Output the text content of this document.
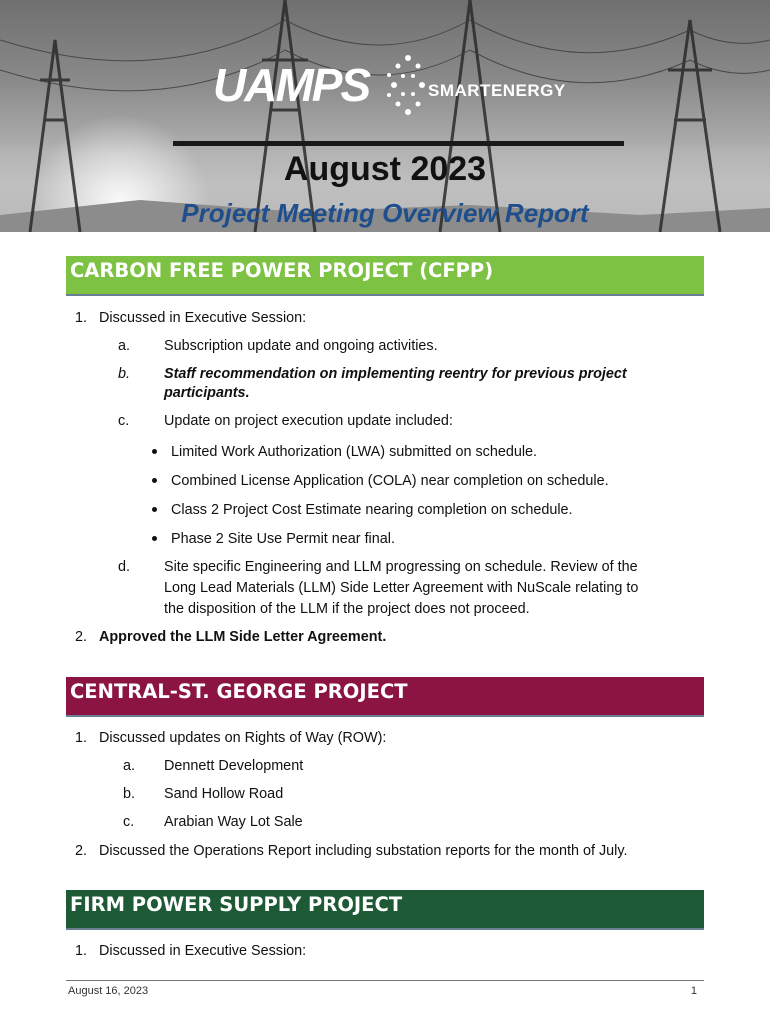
UAMPS	SMARTENERGY
August 2023
Project Meeting Overview Report
CARBON FREE POWER PROJECT (CFPP)
1. Discussed in Executive Session:
a. Subscription update and ongoing activities.
b. Staff recommendation on implementing reentry for previous project
participants.
c. Update on project execution update included:
Limited Work Authorization (LWA) submitted on schedule.
Combined License Application (COLA) near completion on schedule.
Class 2 Project Cost Estimate nearing completion on schedule.
Phase 2 Site Use Permit near final.
d. Site specific Engineering and LLM progressing on schedule. Review of the
Long Lead Materials (LLM) Side Letter Agreement with NuScale relating to
the disposition of the LLM if the project does not proceed.
2. Approved the LLM Side Letter Agreement.
CENTRAL-ST. GEORGE PROJECT
1. Discussed updates on Rights of Way (ROW):
a. Dennett Development
b. Sand Hollow Road
c. Arabian Way Lot Sale
2. Discussed the Operations Report including substation reports for the month of July.
FIRM POWER SUPPLY PROJECT
1. Discussed in Executive Session:
August 16, 2023	1
